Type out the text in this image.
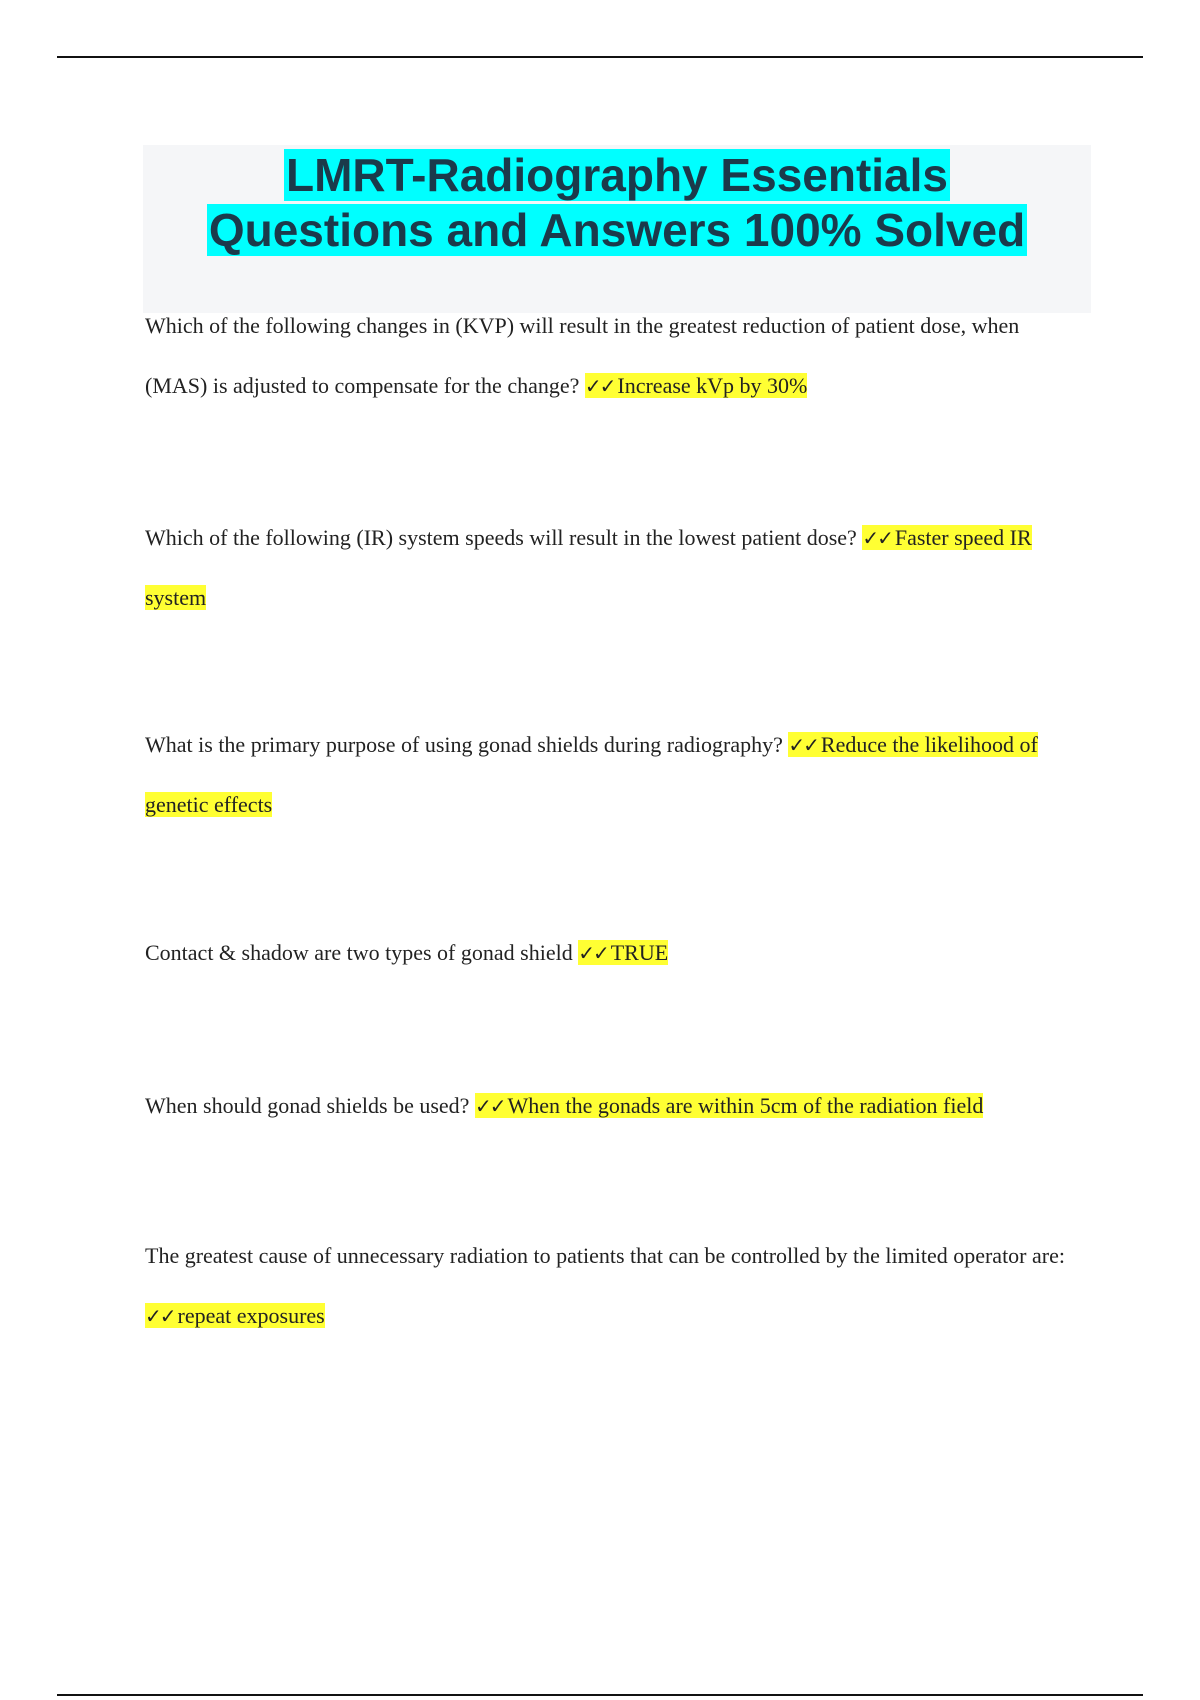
LMRT-Radiography Essentials
Questions and Answers 100% Solved
Which of the following changes in (KVP) will result in the greatest reduction of patient dose, when (MAS) is adjusted to compensate for the change? ✓✓ Increase kVp by 30%
Which of the following (IR) system speeds will result in the lowest patient dose? ✓✓ Faster speed IR system
What is the primary purpose of using gonad shields during radiography? ✓✓ Reduce the likelihood of genetic effects
Contact & shadow are two types of gonad shield ✓✓ TRUE
When should gonad shields be used? ✓✓ When the gonads are within 5cm of the radiation field
The greatest cause of unnecessary radiation to patients that can be controlled by the limited operator are: ✓✓ repeat exposures
